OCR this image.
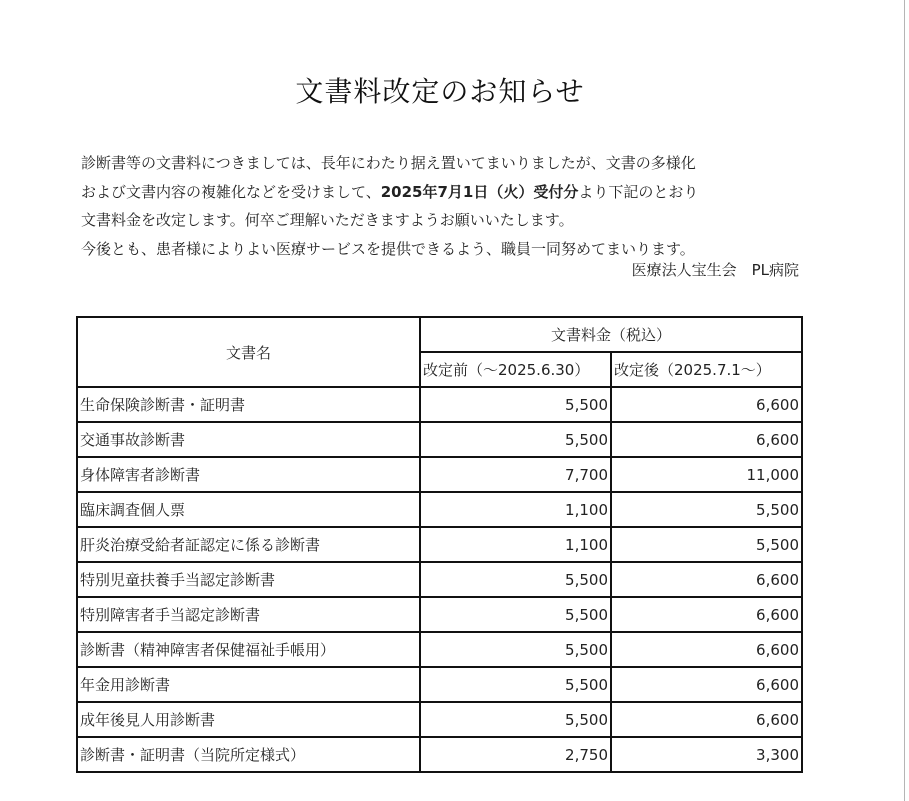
文書料改定のお知らせ
診断書等の文書料につきましては、長年にわたり据え置いてまいりましたが、文書の多様化
および文書内容の複雑化などを受けまして、2025年7月1日（火）受付分より下記のとおり
文書料金を改定します。何卒ご理解いただきますようお願いいたします。
今後とも、患者様によりよい医療サービスを提供できるよう、職員一同努めてまいります。
医療法人宝生会　PL病院
文書名	文書料金（税込）	
	改定前（～2025.6.30）	改定後（2025.7.1～）
生命保険診断書・証明書	5,500	6,600
交通事故診断書	5,500	6,600
身体障害者診断書	7,700	11,000
臨床調査個人票	1,100	5,500
肝炎治療受給者証認定に係る診断書	1,100	5,500
特別児童扶養手当認定診断書	5,500	6,600
特別障害者手当認定診断書	5,500	6,600
診断書（精神障害者保健福祉手帳用）	5,500	6,600
年金用診断書	5,500	6,600
成年後見人用診断書	5,500	6,600
診断書・証明書（当院所定様式）	2,750	3,300
